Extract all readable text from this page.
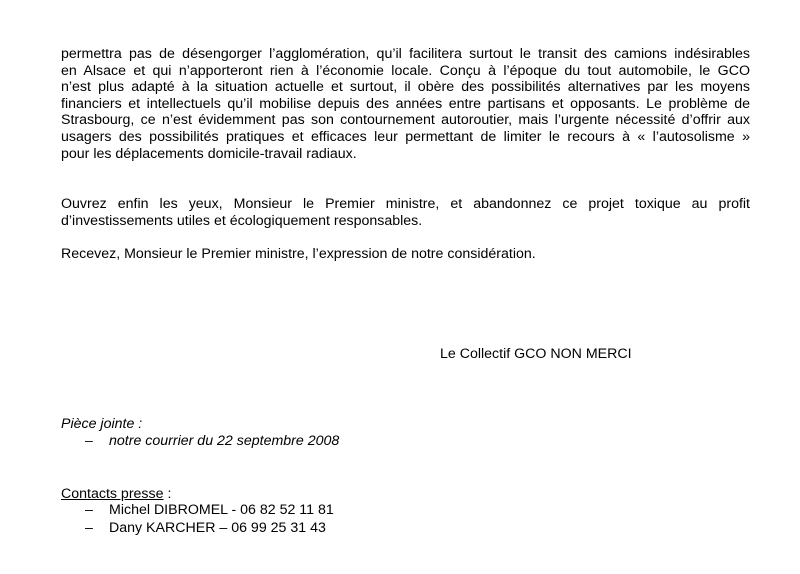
permettra pas de désengorger l’agglomération, qu’il facilitera surtout le transit des camions indésirables
en Alsace et qui n’apporteront rien à l’économie locale. Conçu à l’époque du tout automobile, le GCO
n’est plus adapté à la situation actuelle et surtout, il obère des possibilités alternatives par les moyens
financiers et intellectuels qu’il mobilise depuis des années entre partisans et opposants. Le problème de
Strasbourg, ce n’est évidemment pas son contournement autoroutier, mais l’urgente nécessité d’offrir aux
usagers des possibilités pratiques et efficaces leur permettant de limiter le recours à « l’autosolisme »
pour les déplacements domicile-travail radiaux.

Ouvrez enfin les yeux, Monsieur le Premier ministre, et abandonnez ce projet toxique au profit
d’investissements utiles et écologiquement responsables.

Recevez, Monsieur le Premier ministre, l’expression de notre considération.

Le Collectif GCO NON MERCI
Pièce jointe :
– notre courrier du 22 septembre 2008
Contacts presse :
– Michel DIBROMEL - 06 82 52 11 81
– Dany KARCHER – 06 99 25 31 43
